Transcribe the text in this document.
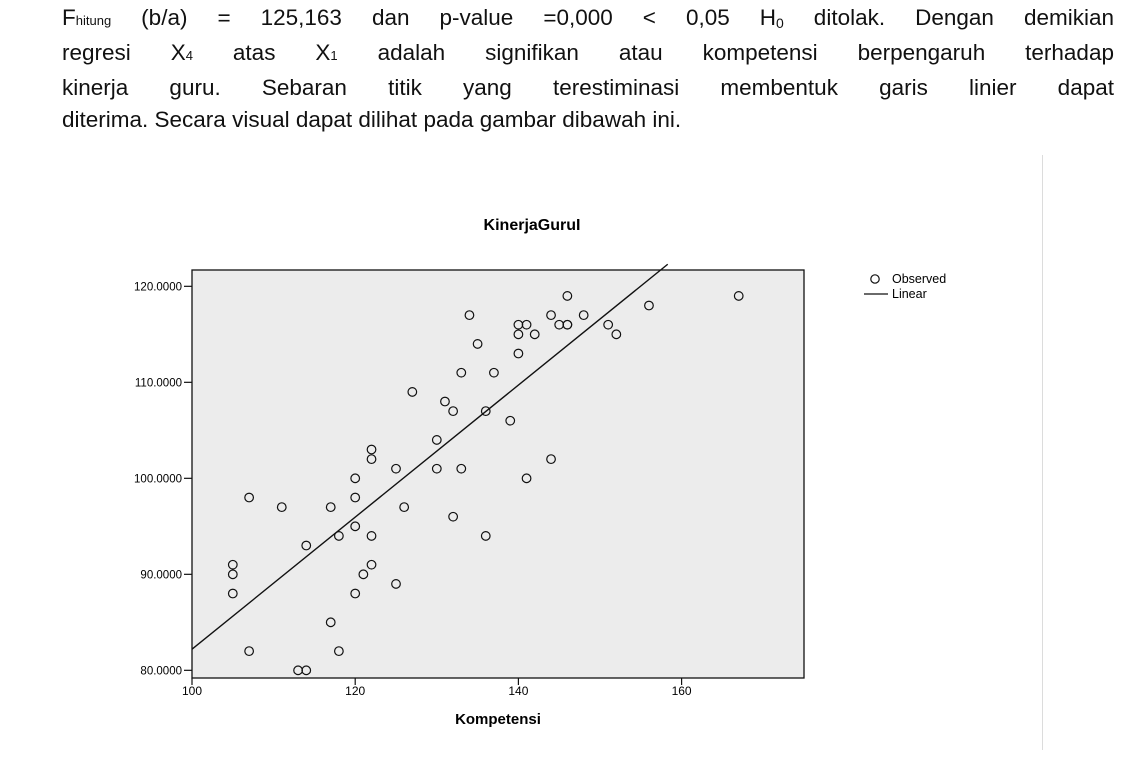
Fhitung (b/a) = 125,163 dan p-value =0,000 < 0,05 $H_0$ ditolak. Dengan demikian
regresi X4 atas X1 adalah signifikan atau kompetensi berpengaruh terhadap
kinerja guru. Sebaran titik yang terestiminasi membentuk garis linier dapat
diterima. Secara visual dapat dilihat pada gambar dibawah ini.
KinerjaGuruI
80.0000
90.0000
100.0000
110.0000
120.0000
100	120	140	160
Kompetensi
Observed
Linear
